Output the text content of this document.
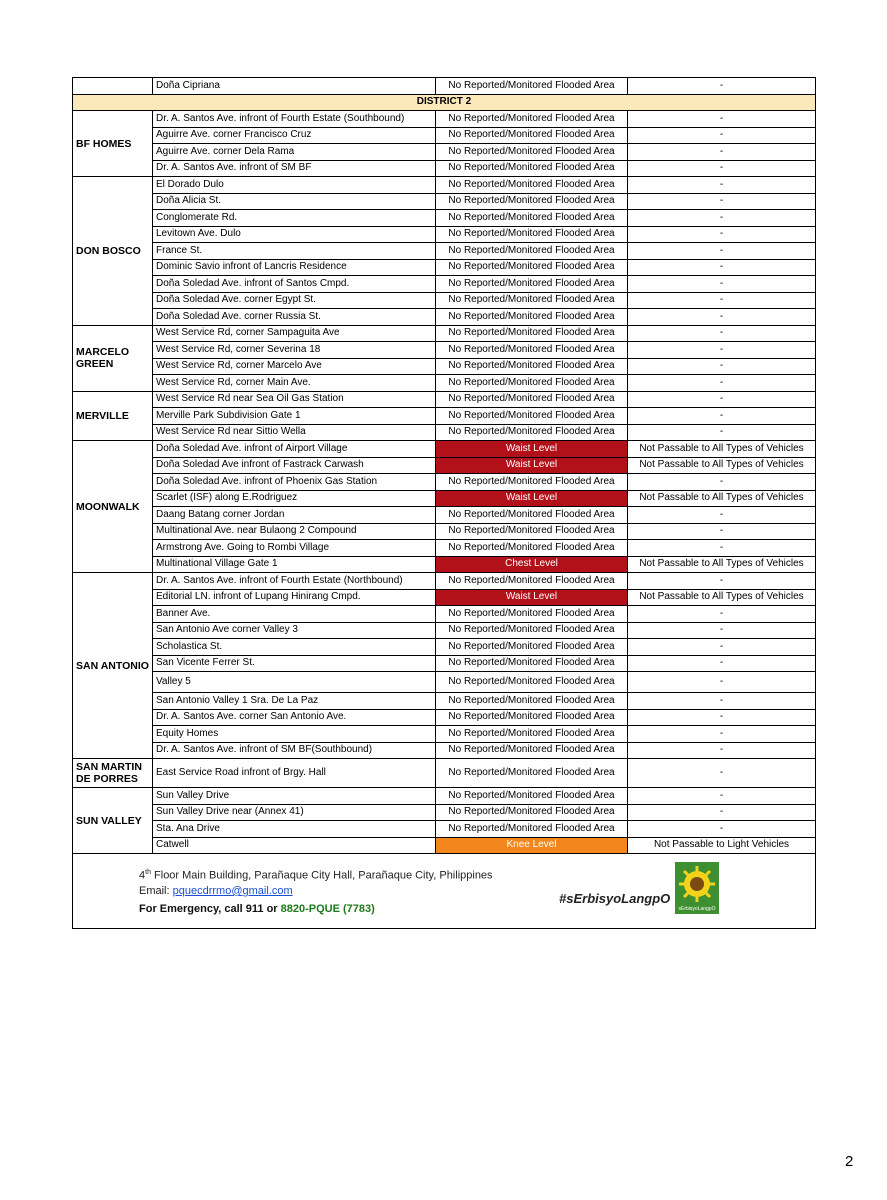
	Doña Cipriana	No Reported/Monitored Flooded Area	-
DISTRICT 2			
BF HOMES	Dr. A. Santos Ave. infront of Fourth Estate (Southbound)	No Reported/Monitored Flooded Area	-
	Aguirre Ave. corner Francisco Cruz	No Reported/Monitored Flooded Area	-
	Aguirre Ave. corner Dela Rama	No Reported/Monitored Flooded Area	-
	Dr. A. Santos Ave. infront of SM BF	No Reported/Monitored Flooded Area	-
DON BOSCO	El Dorado Dulo	No Reported/Monitored Flooded Area	-
	Doña Alicia St.	No Reported/Monitored Flooded Area	-
	Conglomerate Rd.	No Reported/Monitored Flooded Area	-
	Levitown Ave. Dulo	No Reported/Monitored Flooded Area	-
	France St.	No Reported/Monitored Flooded Area	-
	Dominic Savio infront of Lancris Residence	No Reported/Monitored Flooded Area	-
	Doña Soledad Ave. infront of Santos Cmpd.	No Reported/Monitored Flooded Area	-
	Doña Soledad Ave. corner Egypt St.	No Reported/Monitored Flooded Area	-
	Doña Soledad Ave. corner Russia St.	No Reported/Monitored Flooded Area	-
MARCELO GREEN	West Service Rd, corner Sampaguita Ave	No Reported/Monitored Flooded Area	-
	West Service Rd, corner Severina 18	No Reported/Monitored Flooded Area	-
	West Service Rd, corner Marcelo Ave	No Reported/Monitored Flooded Area	-
	West Service Rd, corner Main Ave.	No Reported/Monitored Flooded Area	-
MERVILLE	West Service Rd near Sea Oil Gas Station	No Reported/Monitored Flooded Area	-
	Merville Park Subdivision Gate 1	No Reported/Monitored Flooded Area	-
	West Service Rd near Sittio Wella	No Reported/Monitored Flooded Area	-
MOONWALK	Doña Soledad Ave. infront of Airport Village	Waist Level	Not Passable to All Types of Vehicles
	Doña Soledad Ave infront of Fastrack Carwash	Waist Level	Not Passable to All Types of Vehicles
	Doña Soledad Ave. infront of Phoenix Gas Station	No Reported/Monitored Flooded Area	-
	Scarlet (ISF) along E.Rodriguez	Waist Level	Not Passable to All Types of Vehicles
	Daang Batang corner Jordan	No Reported/Monitored Flooded Area	-
	Multinational Ave. near Bulaong 2 Compound	No Reported/Monitored Flooded Area	-
	Armstrong Ave. Going to Rombi Village	No Reported/Monitored Flooded Area	-
	Multinational Village Gate 1	Chest Level	Not Passable to All Types of Vehicles
SAN ANTONIO	Dr. A. Santos Ave. infront of Fourth Estate (Northbound)	No Reported/Monitored Flooded Area	-
	Editorial LN. infront of Lupang Hinirang Cmpd.	Waist Level	Not Passable to All Types of Vehicles
	Banner Ave.	No Reported/Monitored Flooded Area	-
	San Antonio Ave corner Valley 3	No Reported/Monitored Flooded Area	-
	Scholastica St.	No Reported/Monitored Flooded Area	-
	San Vicente Ferrer St.	No Reported/Monitored Flooded Area	-
	Valley 5	No Reported/Monitored Flooded Area	-
	San Antonio Valley 1 Sra. De La Paz	No Reported/Monitored Flooded Area	-
	Dr. A. Santos Ave. corner San Antonio Ave.	No Reported/Monitored Flooded Area	-
	Equity Homes	No Reported/Monitored Flooded Area	-
	Dr. A. Santos Ave. infront of SM BF(Southbound)	No Reported/Monitored Flooded Area	-
SAN MARTIN DE PORRES	East Service Road infront of Brgy. Hall	No Reported/Monitored Flooded Area	-
SUN VALLEY	Sun Valley Drive	No Reported/Monitored Flooded Area	-
	Sun Valley Drive near (Annex 41)	No Reported/Monitored Flooded Area	-
	Sta. Ana Drive	No Reported/Monitored Flooded Area	-
	Catwell	Knee Level	Not Passable to Light Vehicles

4th Floor Main Building, Parañaque City Hall, Parañaque City, Philippines
Email: pquecdrrmo@gmail.com
For Emergency, call 911 or 8820-PQUE (7783)
#sErbisyoLangpO
sErbisyoLangpO			
2
